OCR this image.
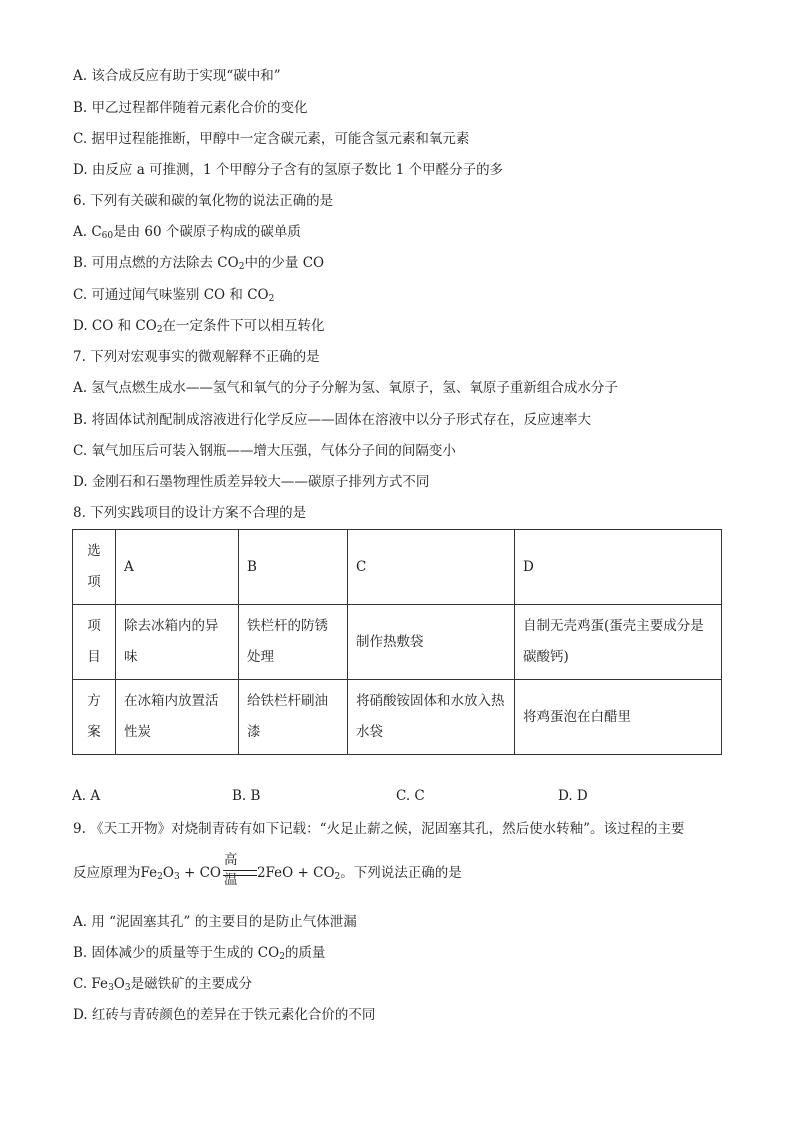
A. 该合成反应有助于实现“碳中和”
B. 甲乙过程都伴随着元素化合价的变化
C. 据甲过程能推断，甲醇中一定含碳元素，可能含氢元素和氧元素
D. 由反应 a 可推测，1 个甲醇分子含有的氢原子数比 1 个甲醛分子的多
6. 下列有关碳和碳的氧化物的说法正确的是
A. $C_{60}$是由 60 个碳原子构成的碳单质
B. 可用点燃的方法除去 $CO_2$中的少量 CO
C. 可通过闻气味鉴别 CO 和 $CO_2$
D. CO 和 $CO_2$在一定条件下可以相互转化
7. 下列对宏观事实的微观解释不正确的是
A. 氢气点燃生成水——氢气和氧气的分子分解为氢、氧原子，氢、氧原子重新组合成水分子
B. 将固体试剂配制成溶液进行化学反应——固体在溶液中以分子形式存在，反应速率大
C. 氧气加压后可装入钢瓶——增大压强，气体分子间的间隔变小
D. 金刚石和石墨物理性质差异较大——碳原子排列方式不同
8. 下列实践项目的设计方案不合理的是
选项	A	B	C	D
项目	除去冰箱内的异味	铁栏杆的防锈处理	制作热敷袋	自制无壳鸡蛋(蛋壳主要成分是碳酸钙)
方案	在冰箱内放置活性炭	给铁栏杆刷油漆	将硝酸铵固体和水放入热水袋	将鸡蛋泡在白醋里
A. A	B. B	C. C	D. D
9. 《天工开物》对烧制青砖有如下记载：“火足止薪之候，泥固塞其孔，然后使水转釉”。该过程的主要
反应原理为$Fe_2O_3$ + CO	$2FeO + CO_2$。下列说法正确的是
高温
A. 用 “泥固塞其孔” 的主要目的是防止气体泄漏
B. 固体减少的质量等于生成的 $CO_2$的质量
C. $Fe_3O_3$是磁铁矿的主要成分
D. 红砖与青砖颜色的差异在于铁元素化合价的不同
